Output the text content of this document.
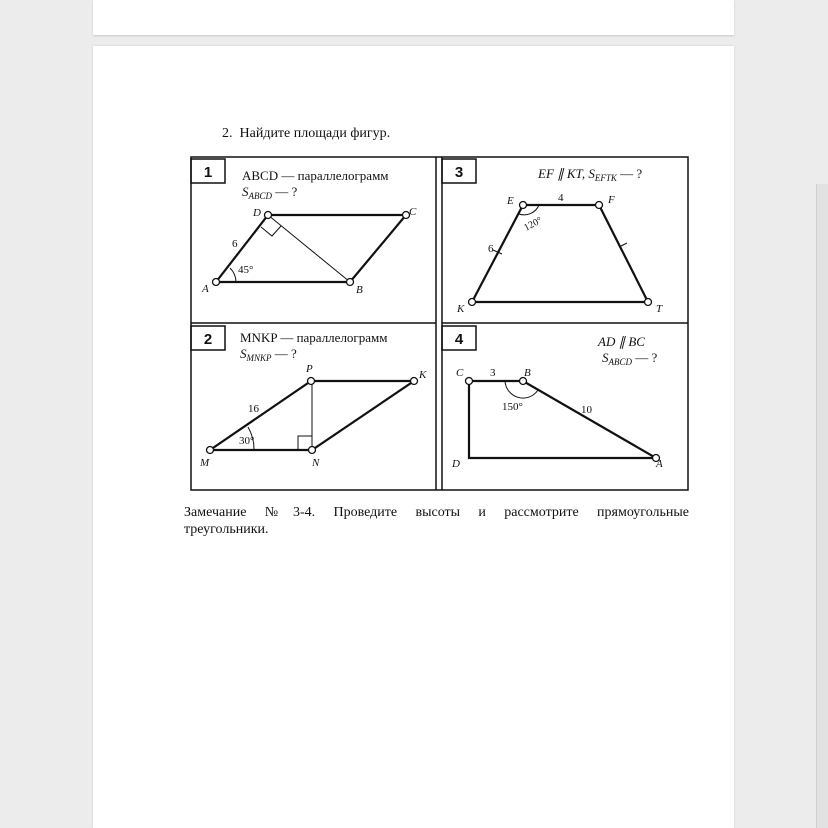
2. Найдите площади фигур.
1
2
3
4
ABCD — параллелограмм
$S_{ABCD}$ — ?
A	B
C
D
6
45°
MNKP — параллелограмм
$S_{MNKP}$ — ?
M	N
K
P
16
30°
EF ∥ KT, $S_{EFTK}$ — ?
E	F
T
K
4
6
120°
AD ∥ BC
$S_{ABCD}$ — ?
C	B
A
D
3
10
150°
Замечание №3-4. Проведите высоты и рассмотрите прямоугольные
треугольники.
